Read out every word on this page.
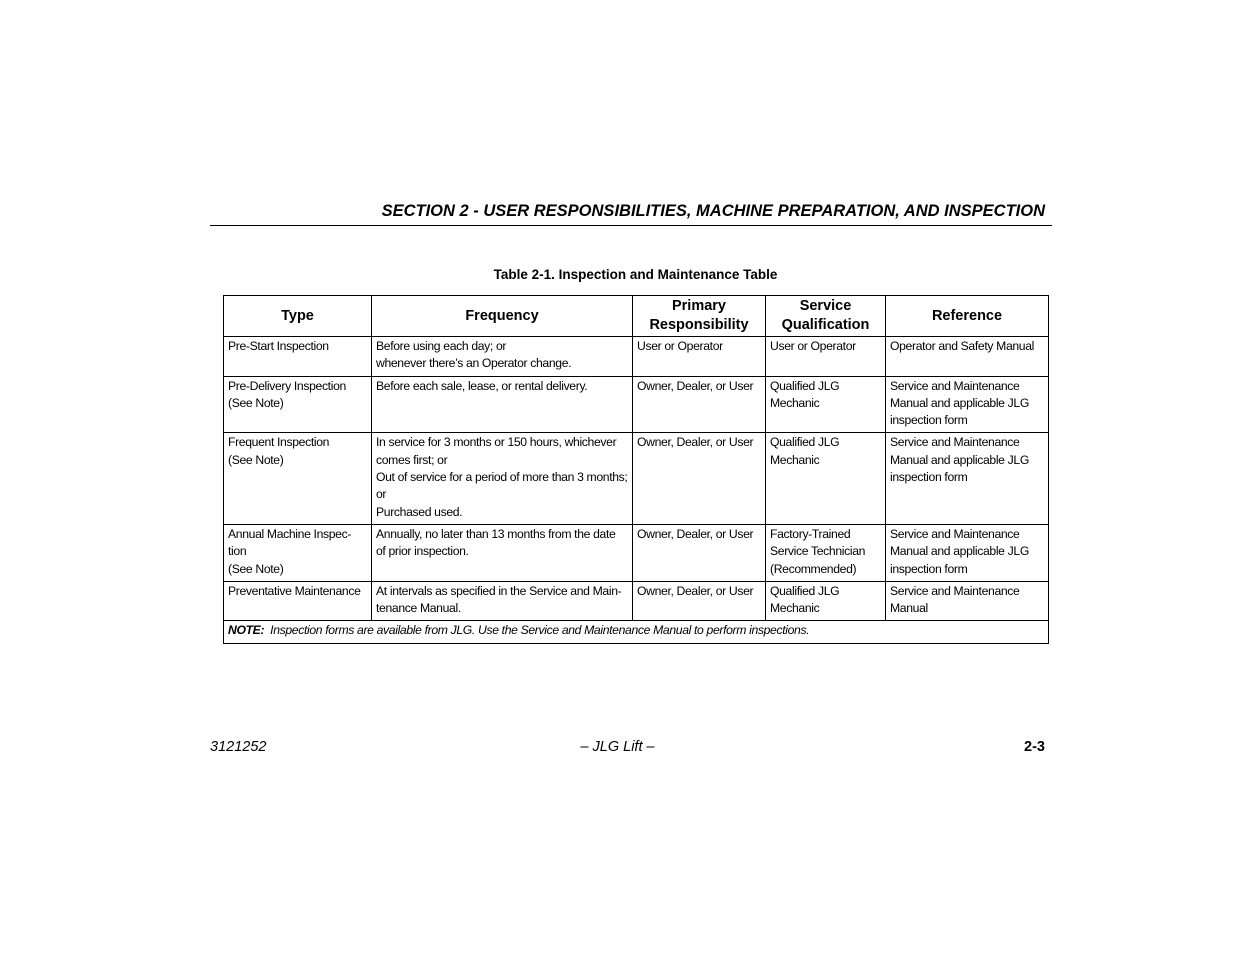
SECTION 2 - USER RESPONSIBILITIES, MACHINE PREPARATION, AND INSPECTION
Table 2-1. Inspection and Maintenance Table
Type	Frequency	Primary
Responsibility	Service
Qualification	Reference

Pre-Start Inspection	Before using each day; or
whenever there’s an Operator change.	User or Operator	User or Operator	Operator and Safety Manual

Pre-Delivery Inspection
(See Note)	Before each sale, lease, or rental delivery.	Owner, Dealer, or User	Qualified JLG
Mechanic	Service and Maintenance
Manual and applicable JLG
inspection form

Frequent Inspection
(See Note)	In service for 3 months or 150 hours, whichever
comes first; or
Out of service for a period of more than 3 months;
or
Purchased used.	Owner, Dealer, or User	Qualified JLG
Mechanic	Service and Maintenance
Manual and applicable JLG
inspection form

Annual Machine Inspec-
tion
(See Note)	Annually, no later than 13 months from the date
of prior inspection.	Owner, Dealer, or User	Factory-Trained
Service Technician
(Recommended)	Service and Maintenance
Manual and applicable JLG
inspection form

Preventative Maintenance	At intervals as specified in the Service and Main-
tenance Manual.	Owner, Dealer, or User	Qualified JLG
Mechanic	Service and Maintenance
Manual

NOTE: Inspection forms are available from JLG. Use the Service and Maintenance Manual to perform inspections.				
3121252	– JLG Lift –	2-3
